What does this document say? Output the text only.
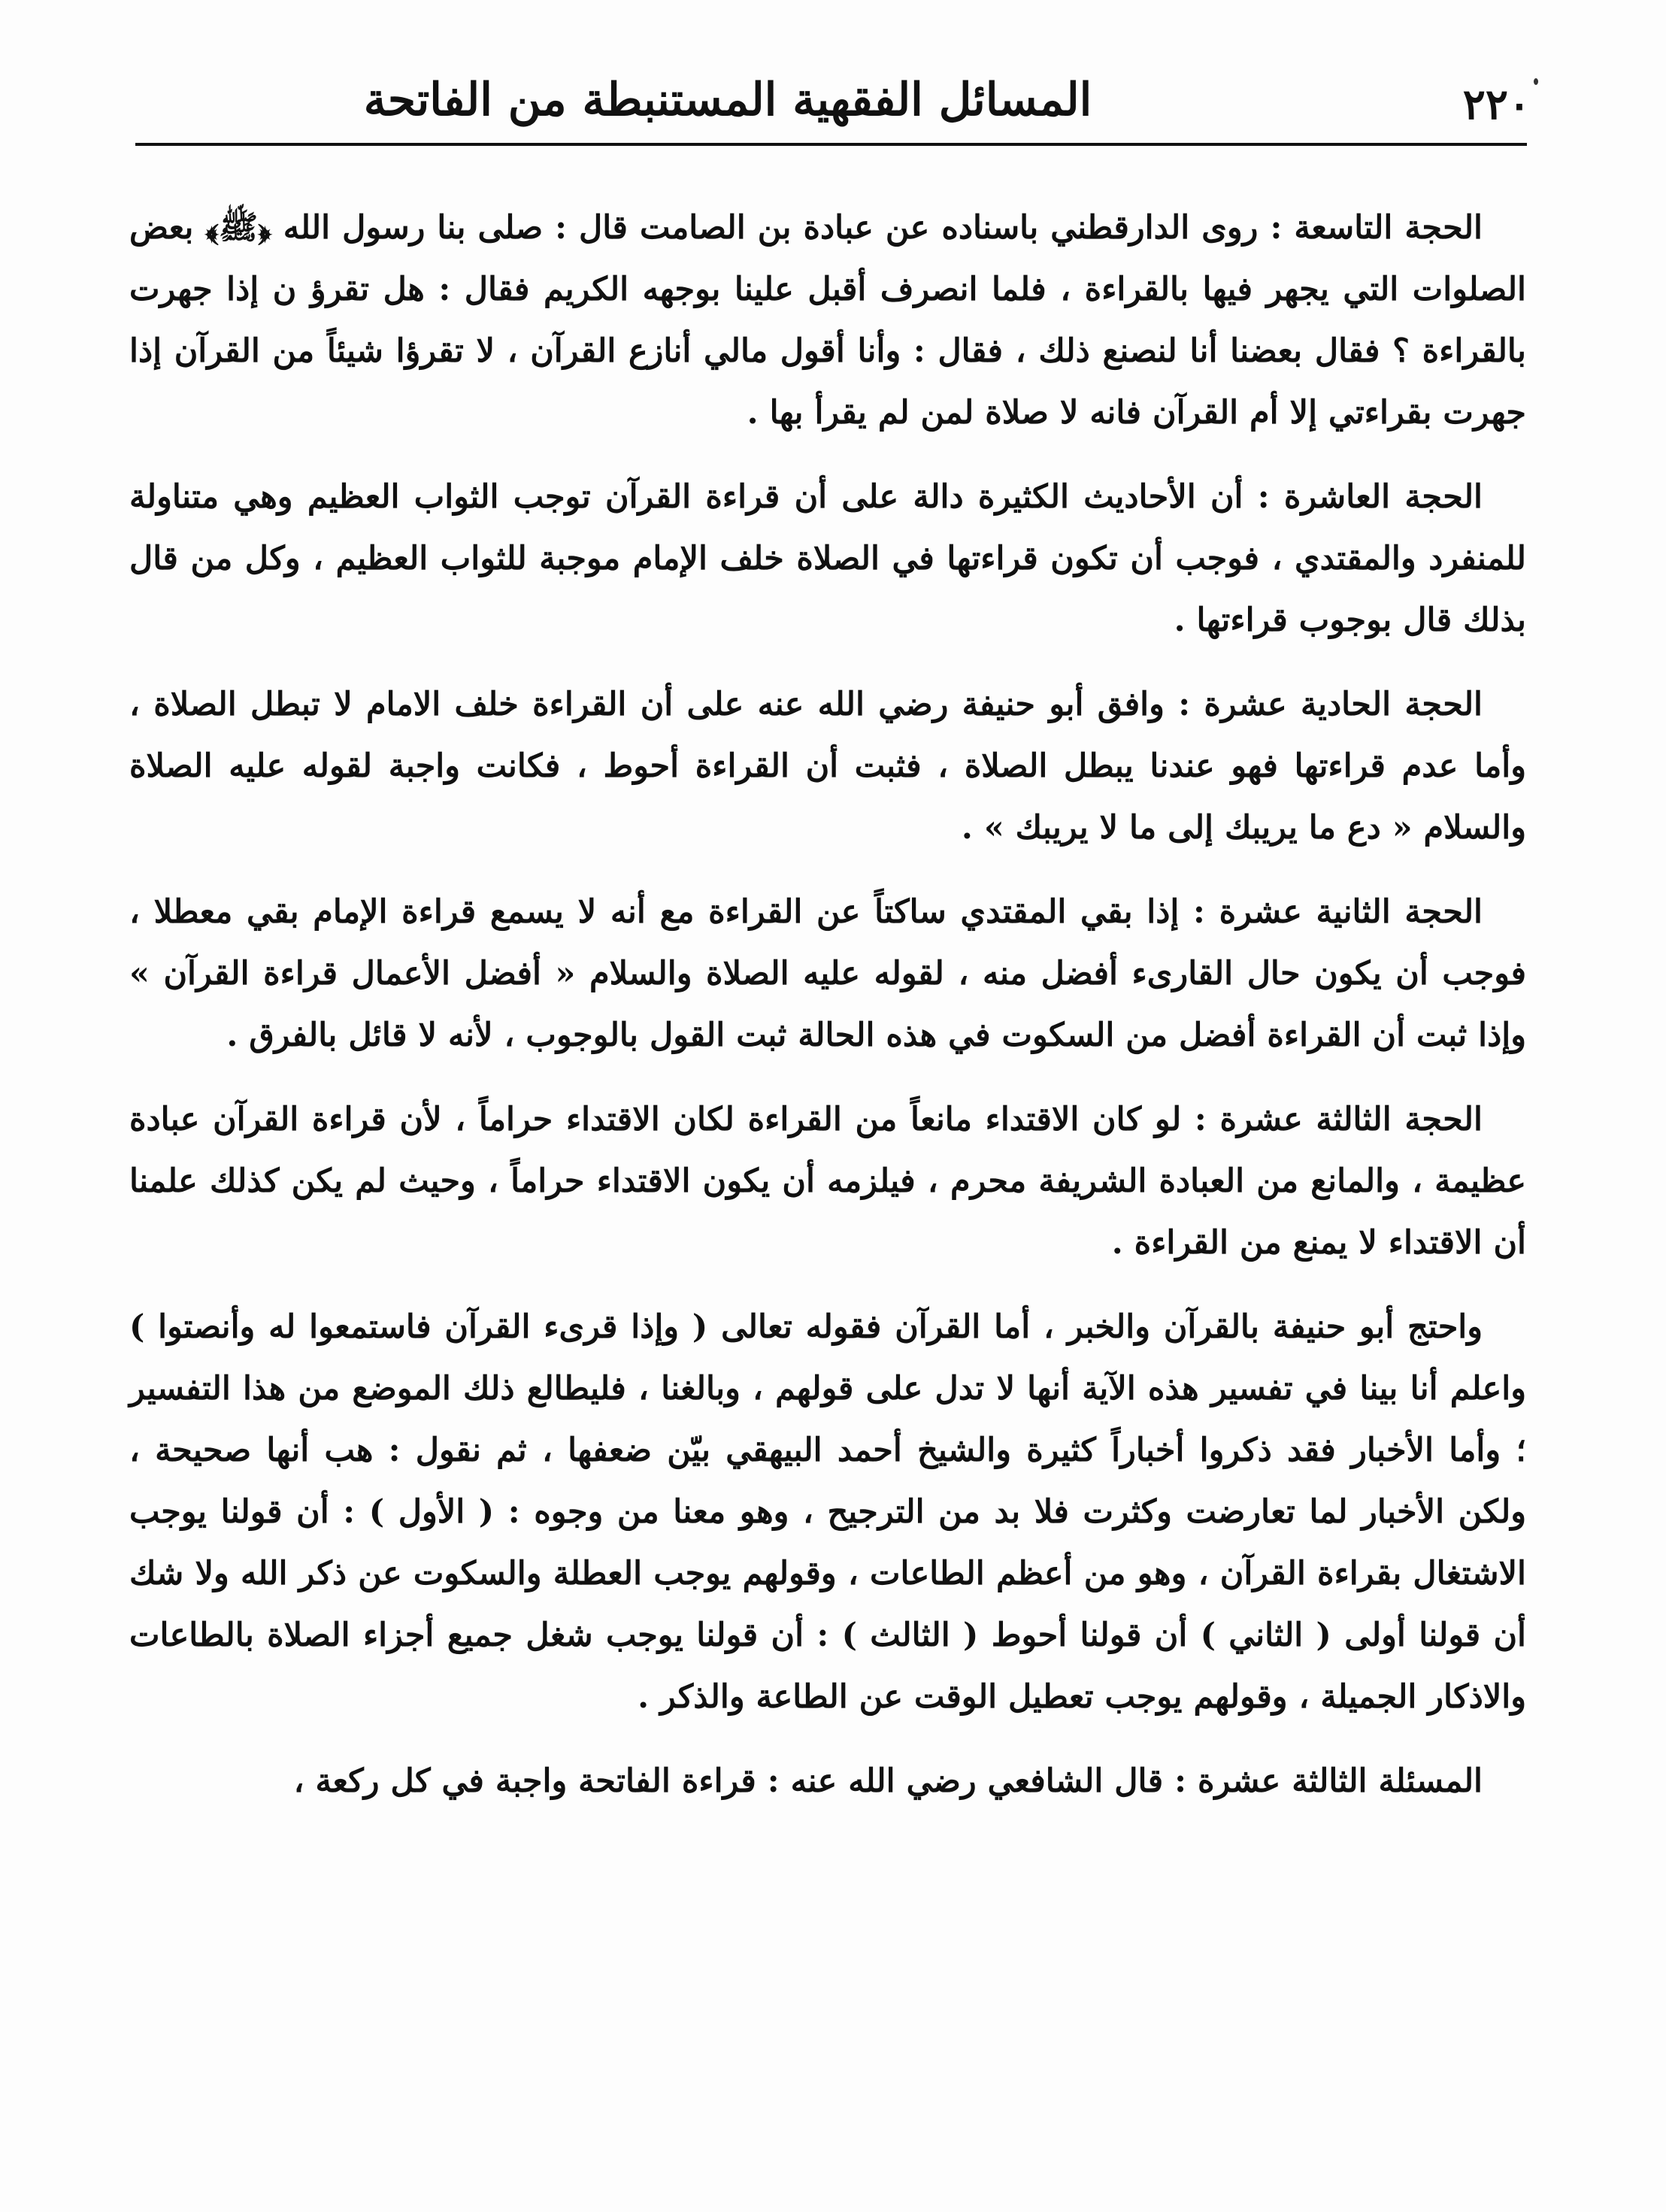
٢٢٠
المسائل الفقهية المستنبطة من الفاتحة

الحجة التاسعة : روى الدارقطني باسناده عن عبادة بن الصامت قال : صلى بنا رسول الله ﴿ﷺ﴾ بعض الصلوات التي يجهر فيها بالقراءة ، فلما انصرف أقبل علينا بوجهه الكريم فقال : هل تقرؤ ن إذا جهرت بالقراءة ؟ فقال بعضنا أنا لنصنع ذلك ، فقال : وأنا أقول مالي أنازع القرآن ، لا تقرؤا شيئاً من القرآن إذا جهرت بقراءتي إلا أم القرآن فانه لا صلاة لمن لم يقرأ بها .

الحجة العاشرة : أن الأحاديث الكثيرة دالة على أن قراءة القرآن توجب الثواب العظيم وهي متناولة للمنفرد والمقتدي ، فوجب أن تكون قراءتها في الصلاة خلف الإمام موجبة للثواب العظيم ، وكل من قال بذلك قال بوجوب قراءتها .

الحجة الحادية عشرة : وافق أبو حنيفة رضي الله عنه على أن القراءة خلف الامام لا تبطل الصلاة ، وأما عدم قراءتها فهو عندنا يبطل الصلاة ، فثبت أن القراءة أحوط ، فكانت واجبة لقوله عليه الصلاة والسلام « دع ما يريبك إلى ما لا يريبك » .

الحجة الثانية عشرة : إذا بقي المقتدي ساكتاً عن القراءة مع أنه لا يسمع قراءة الإمام بقي معطلا ، فوجب أن يكون حال القارىء أفضل منه ، لقوله عليه الصلاة والسلام « أفضل الأعمال قراءة القرآن » وإذا ثبت أن القراءة أفضل من السكوت في هذه الحالة ثبت القول بالوجوب ، لأنه لا قائل بالفرق .

الحجة الثالثة عشرة : لو كان الاقتداء مانعاً من القراءة لكان الاقتداء حراماً ، لأن قراءة القرآن عبادة عظيمة ، والمانع من العبادة الشريفة محرم ، فيلزمه أن يكون الاقتداء حراماً ، وحيث لم يكن كذلك علمنا أن الاقتداء لا يمنع من القراءة .

واحتج أبو حنيفة بالقرآن والخبر ، أما القرآن فقوله تعالى ( وإذا قرىء القرآن فاستمعوا له وأنصتوا ) واعلم أنا بينا في تفسير هذه الآية أنها لا تدل على قولهم ، وبالغنا ، فليطالع ذلك الموضع من هذا التفسير ؛ وأما الأخبار فقد ذكروا أخباراً كثيرة والشيخ أحمد البيهقي بيّن ضعفها ، ثم نقول : هب أنها صحيحة ، ولكن الأخبار لما تعارضت وكثرت فلا بد من الترجيح ، وهو معنا من وجوه : ( الأول ) : أن قولنا يوجب الاشتغال بقراءة القرآن ، وهو من أعظم الطاعات ، وقولهم يوجب العطلة والسكوت عن ذكر الله ولا شك أن قولنا أولى ( الثاني ) أن قولنا أحوط ( الثالث ) : أن قولنا يوجب شغل جميع أجزاء الصلاة بالطاعات والاذكار الجميلة ، وقولهم يوجب تعطيل الوقت عن الطاعة والذكر .

المسئلة الثالثة عشرة : قال الشافعي رضي الله عنه : قراءة الفاتحة واجبة في كل ركعة ،
